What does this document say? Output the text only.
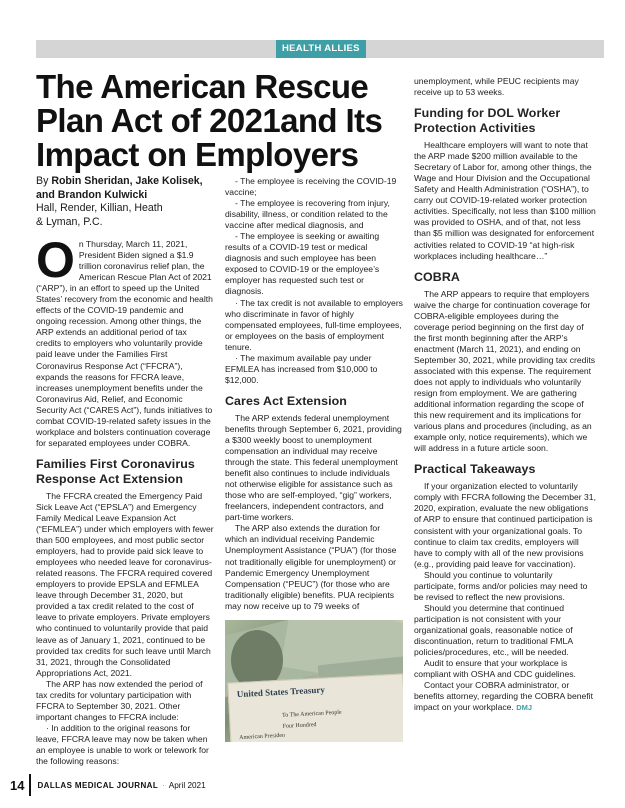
HEALTH ALLIES
The American Rescue Plan Act of 2021and Its Impact on Employers
By Robin Sheridan, Jake Kolisek,
and Brandon Kulwicki
Hall, Render, Killian, Heath
& Lyman, P.C.
O n Thursday, March 11, 2021, President Biden signed a $1.9 trillion coronavirus relief plan, the American Rescue Plan Act of 2021 (“ARP”), in an effort to speed up the United States’ recovery from the economic and health effects of the COVID-19 pandemic and ongoing recession. Among other things, the ARP extends an additional period of tax credits to employers who voluntarily provide paid leave under the Families First Coronavirus Response Act (“FFCRA”), expands the reasons for FFCRA leave, increases unemployment benefits under the Coronavirus Aid, Relief, and Economic Security Act (“CARES Act”), funds initiatives to combat COVID-19-related safety issues in the workplace and bolsters continuation coverage for separated employees under COBRA.

Families First Coronavirus Response Act Extension

The FFCRA created the Emergency Paid Sick Leave Act (“EPSLA”) and Emergency Family Medical Leave Expansion Act (“EFMLEA”) under which employers with fewer than 500 employees, and most public sector employers, had to provide paid sick leave to employees who needed leave for coronavirus-related reasons. The FFCRA required covered employers to provide EPSLA and EFMLEA leave through December 31, 2020, but provided a tax credit related to the cost of leave to private employers. Private employers who continued to voluntarily provide that paid leave as of January 1, 2021, continued to be provided tax credits for such leave until March 31, 2021, through the Consolidated Appropriations Act, 2021.

The ARP has now extended the period of tax credits for voluntary participation with FFCRA to September 30, 2021. Other important changes to FFCRA include:

· In addition to the original reasons for leave, FFCRA leave may now be taken when an employee is unable to work or telework for the following reasons:

- The employee is receiving the COVID-19 vaccine;

- The employee is recovering from injury, disability, illness, or condition related to the vaccine after medical diagnosis, and

- The employee is seeking or awaiting results of a COVID-19 test or medical diagnosis and such employee has been exposed to COVID-19 or the employee’s employer has requested such test or diagnosis.

· The tax credit is not available to employers who discriminate in favor of highly compensated employees, full-time employees, or employees on the basis of employment tenure.

· The maximum available pay under EFMLEA has increased from $10,000 to $12,000.

Cares Act Extension

The ARP extends federal unemployment benefits through September 6, 2021, providing a $300 weekly boost to unemployment compensation an individual may receive through the state. This federal unemployment benefit also continues to include individuals not otherwise eligible for assistance such as those who are self-employed, “gig” workers, freelancers, independent contractors, and part-time workers.

The ARP also extends the duration for which an individual receiving Pandemic Unemployment Assistance (“PUA”) (for those not traditionally eligible for unemployment) or Pandemic Emergency Unemployment Compensation (“PEUC”) (for those who are traditionally eligible) benefits. PUA recipients may now receive up to 79 weeks of

United States Treasury
To The American People
Four Hundred
American Presiden

unemployment, while PEUC recipients may receive up to 53 weeks.

Funding for DOL Worker Protection Activities

Healthcare employers will want to note that the ARP made $200 million available to the Secretary of Labor for, among other things, the Wage and Hour Division and the Occupational Safety and Health Administration (“OSHA”), to carry out COVID-19-related worker protection activities. Specifically, not less than $100 million was provided to OSHA, and of that, not less than $5 million was designated for enforcement activities related to COVID-19 “at high-risk workplaces including healthcare…”

COBRA

The ARP appears to require that employers waive the charge for continuation coverage for COBRA-eligible employees during the coverage period beginning on the first day of the first month beginning after the ARP’s enactment (March 11, 2021), and ending on September 30, 2021, while providing tax credits associated with this expense. The requirement does not apply to individuals who voluntarily resign from employment. We are gathering additional information regarding the scope of this new requirement and its implications for various plans and procedures (including, as an example only, notice requirements), which we will address in a future article soon.

Practical Takeaways

If your organization elected to voluntarily comply with FFCRA following the December 31, 2020, expiration, evaluate the new obligations of ARP to ensure that continued participation is consistent with your organizational goals. To continue to claim tax credits, employers will have to comply with all of the new provisions (e.g., providing paid leave for vaccination).

Should you continue to voluntarily participate, forms and/or policies may need to be revised to reflect the new provisions.

Should you determine that continued participation is not consistent with your organizational goals, reasonable notice of discontinuation, return to traditional FMLA policies/procedures, etc., will be needed.

Audit to ensure that your workplace is compliant with OSHA and CDC guidelines.

Contact your COBRA administrator, or benefits attorney, regarding the COBRA benefit impact on your workplace. DMJ

14 DALLAS MEDICAL JOURNAL · April 2021
